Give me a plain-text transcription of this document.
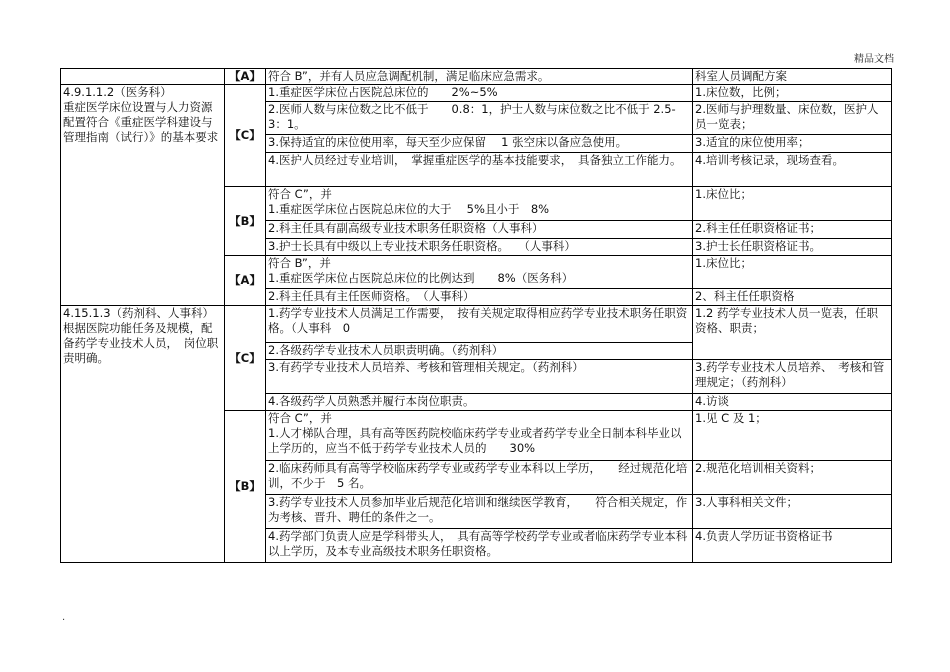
精品文档
	【A】	符合 B”，并有人员应急调配机制，满足临床应急需求。	科室人员调配方案

4.9.1.1.2（医务科）
重症医学床位设置与人力资源配置符合《重症医学科建设与管理指南（试行）》的基本要求	【C】	1.重症医学床位占医院总床位的　　2%~5%	1.床位数，比例；
		2.医师人数与床位数之比不低于　　0.8：1，护士人数与床位数之比不低于 2.5-3：1。	2.医师与护理数量、床位数，医护人员一览表；
		3.保持适宜的床位使用率，每天至少应保留　 1 张空床以备应急使用。	3.适宜的床位使用率；
		4.医护人员经过专业培训，　掌握重症医学的基本技能要求，　具备独立工作能力。	4.培训考核记录，现场查看。
	【B】	符合 C”，并
1.重症医学床位占医院总床位的大于　 5%且小于　8%	1.床位比；
		2.科主任具有副高级专业技术职务任职资格（人事科）	2.科主任任职资格证书；
		3.护士长具有中级以上专业技术职务任职资格。　 （人事科）	3.护士长任职资格证书。
	【A】	符合 B”，并
1.重症医学床位占医院总床位的比例达到　　8%（医务科）	1.床位比；
		2.科主任具有主任医师资格。　（人事科）	2、科主任任职资格

4.15.1.3（药剂科、人事科）
根据医院功能任务及规模，配备药学专业技术人员，　岗位职责明确。	【C】	1.药学专业技术人员满足工作需要，　按有关规定取得相应药学专业技术职务任职资格。（人事科　0	1.2 药学专业技术人员一览表，任职资格、职责；
		2.各级药学专业技术人员职责明确。（药剂科）	
		3.有药学专业技术人员培养、考核和管理相关规定。（药剂科）	3.药学专业技术人员培养、　考核和管理规定；（药剂科）
		4.各级药学人员熟悉并履行本岗位职责。	4.访谈
	【B】	符合 C”，并
1.人才梯队合理，具有高等医药院校临床药学专业或者药学专业全日制本科毕业以上学历的，应当不低于药学专业技术人员的　　30%	1.见 C 及 1；
		2.临床药师具有高等学校临床药学专业或药学专业本科以上学历，　　经过规范化培训，不少于　5 名。	2.规范化培训相关资料；
		3.药学专业技术人员参加毕业后规范化培训和继续医学教育，　　符合相关规定，作为考核、晋升、聘任的条件之一。	3.人事科相关文件；
		4.药学部门负责人应是学科带头人，　具有高等学校药学专业或者临床药学专业本科以上学历，及本专业高级技术职务任职资格。	4.负责人学历证书资格证书
.
